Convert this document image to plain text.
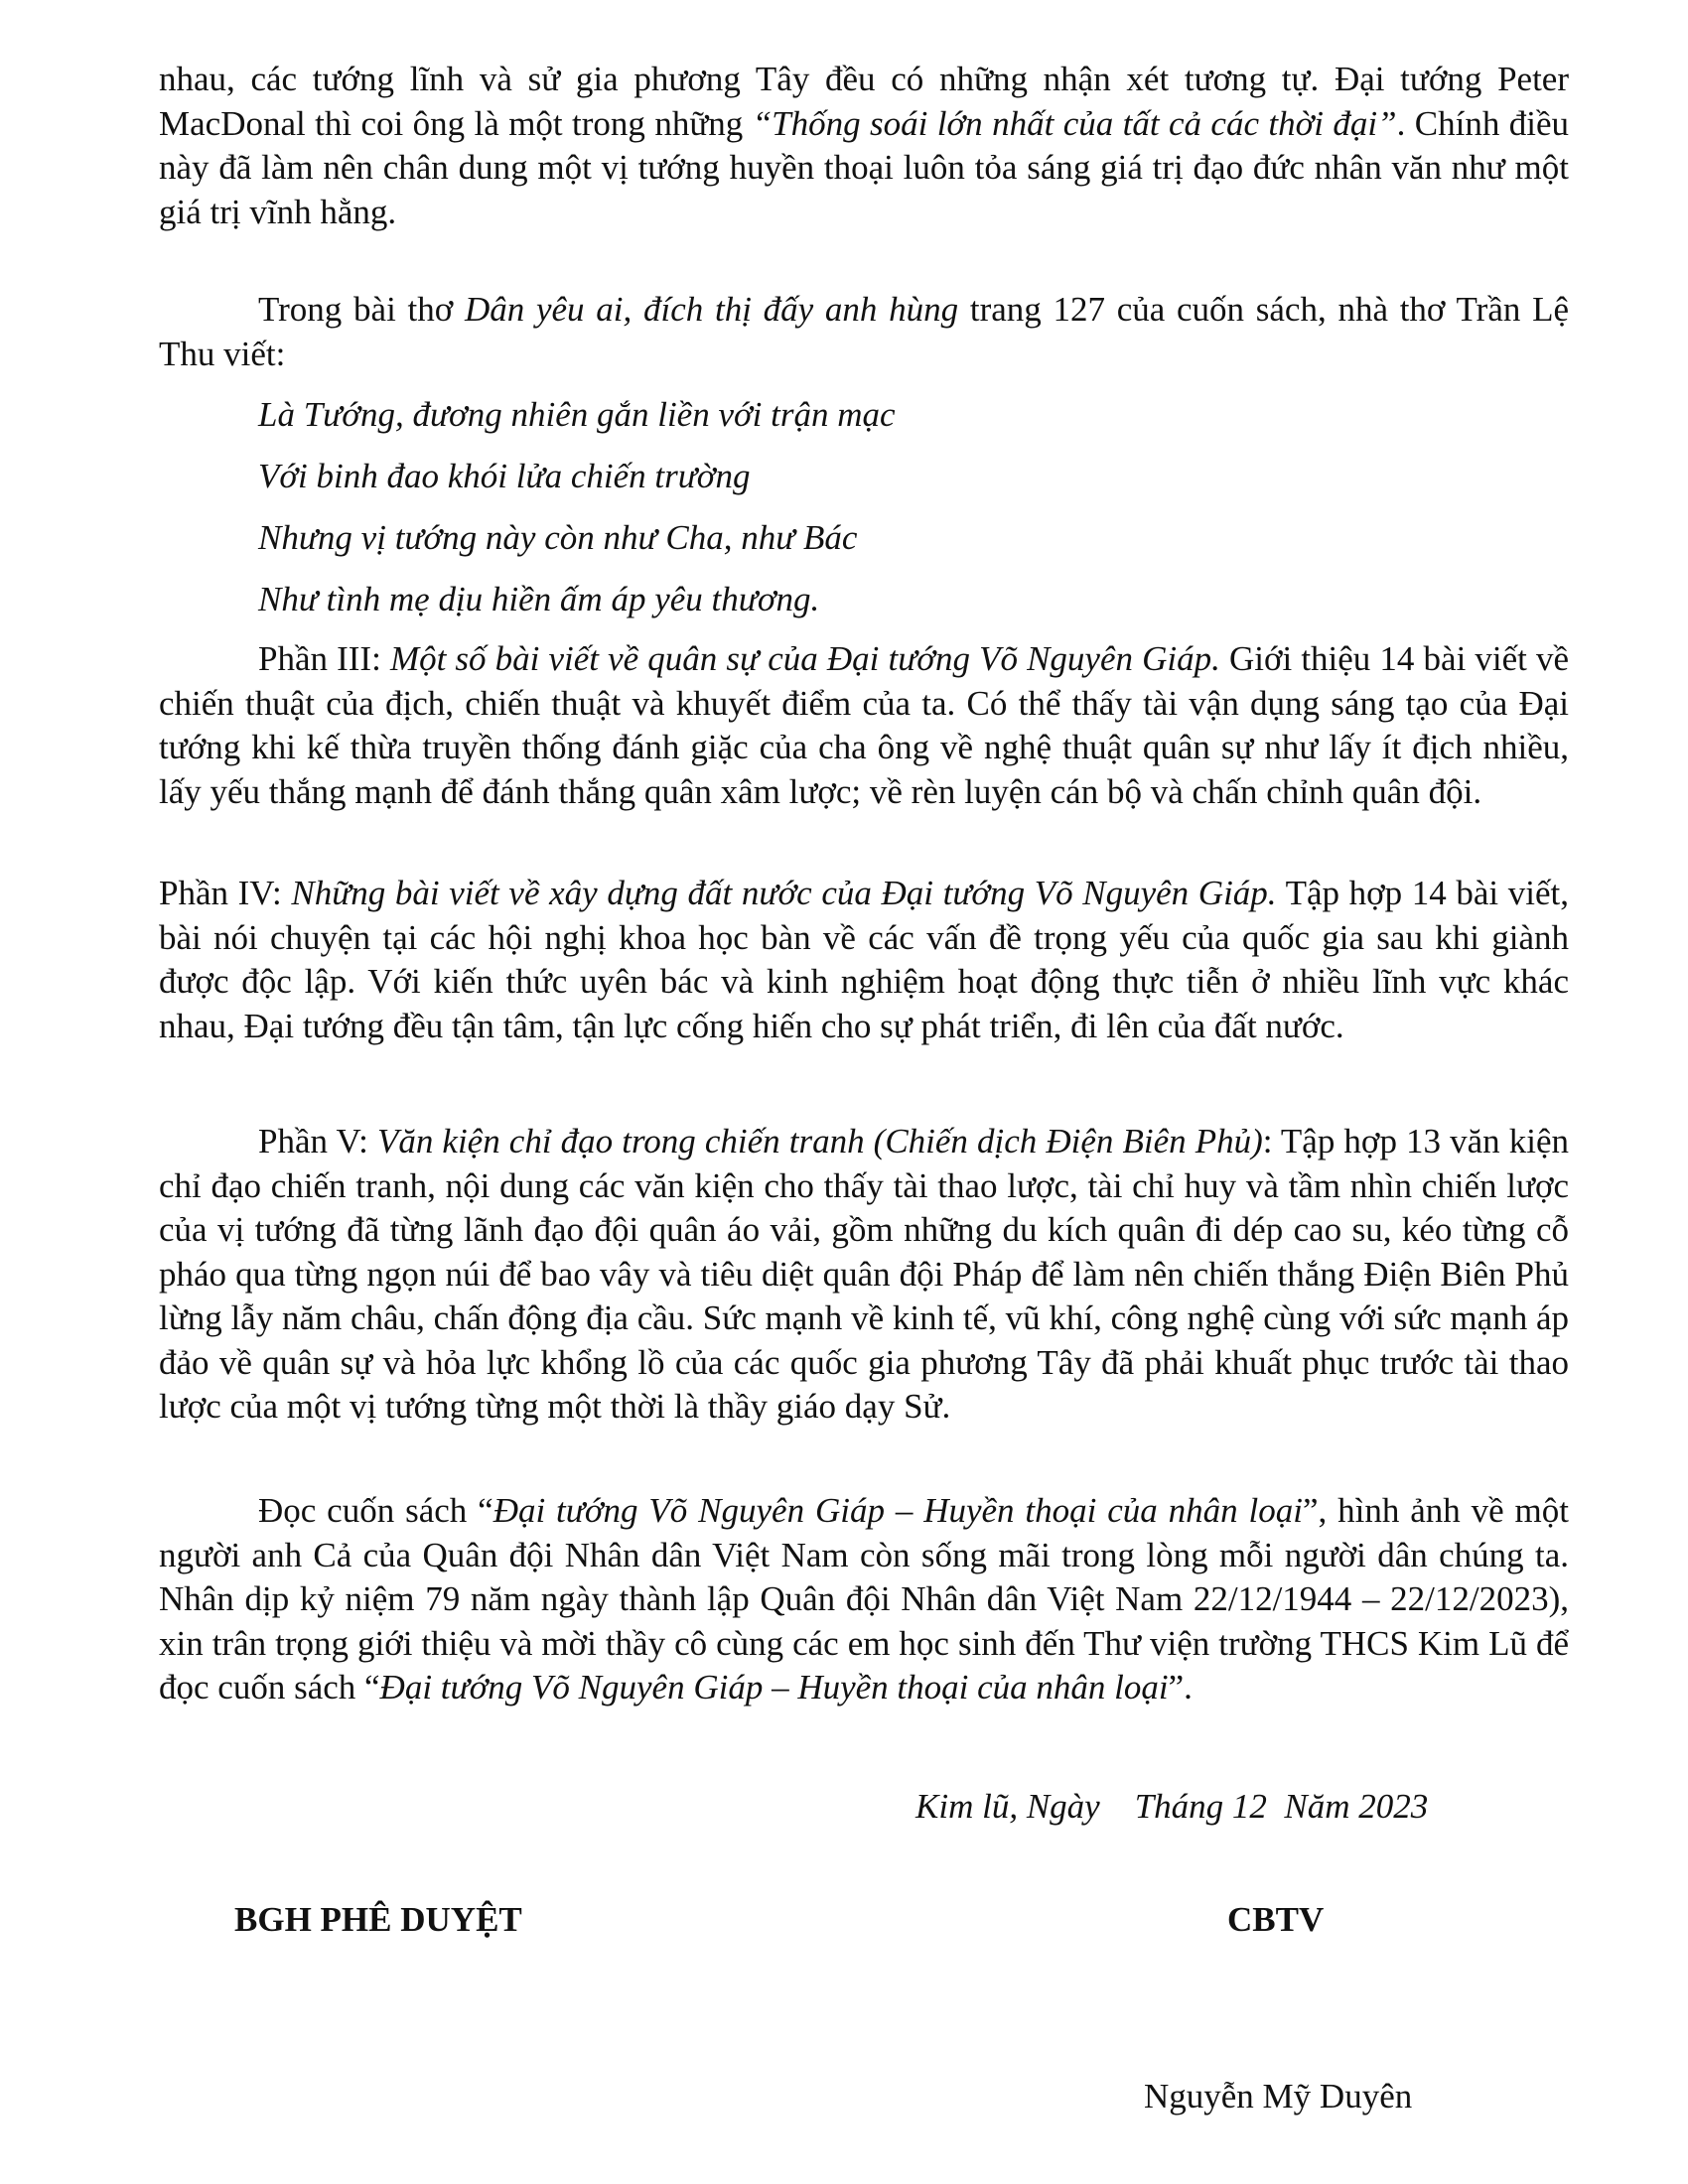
nhau, các tướng lĩnh và sử gia phương Tây đều có những nhận xét tương tự. Đại tướng Peter MacDonal thì coi ông là một trong những “Thống soái lớn nhất của tất cả các thời đại”. Chính điều này đã làm nên chân dung một vị tướng huyền thoại luôn tỏa sáng giá trị đạo đức nhân văn như một giá trị vĩnh hằng.

Trong bài thơ Dân yêu ai, đích thị đấy anh hùng trang 127 của cuốn sách, nhà thơ Trần Lệ Thu viết:

Là Tướng, đương nhiên gắn liền với trận mạc
Với binh đao khói lửa chiến trường
Nhưng vị tướng này còn như Cha, như Bác
Như tình mẹ dịu hiền ấm áp yêu thương.

Phần III: Một số bài viết về quân sự của Đại tướng Võ Nguyên Giáp. Giới thiệu 14 bài viết về chiến thuật của địch, chiến thuật và khuyết điểm của ta. Có thể thấy tài vận dụng sáng tạo của Đại tướng khi kế thừa truyền thống đánh giặc của cha ông về nghệ thuật quân sự như lấy ít địch nhiều, lấy yếu thắng mạnh để đánh thắng quân xâm lược; về rèn luyện cán bộ và chấn chỉnh quân đội.

Phần IV: Những bài viết về xây dựng đất nước của Đại tướng Võ Nguyên Giáp. Tập hợp 14 bài viết, bài nói chuyện tại các hội nghị khoa học bàn về các vấn đề trọng yếu của quốc gia sau khi giành được độc lập. Với kiến thức uyên bác và kinh nghiệm hoạt động thực tiễn ở nhiều lĩnh vực khác nhau, Đại tướng đều tận tâm, tận lực cống hiến cho sự phát triển, đi lên của đất nước.

Phần V: Văn kiện chỉ đạo trong chiến tranh (Chiến dịch Điện Biên Phủ): Tập hợp 13 văn kiện chỉ đạo chiến tranh, nội dung các văn kiện cho thấy tài thao lược, tài chỉ huy và tầm nhìn chiến lược của vị tướng đã từng lãnh đạo đội quân áo vải, gồm những du kích quân đi dép cao su, kéo từng cỗ pháo qua từng ngọn núi để bao vây và tiêu diệt quân đội Pháp để làm nên chiến thắng Điện Biên Phủ lừng lẫy năm châu, chấn động địa cầu. Sức mạnh về kinh tế, vũ khí, công nghệ cùng với sức mạnh áp đảo về quân sự và hỏa lực khổng lồ của các quốc gia phương Tây đã phải khuất phục trước tài thao lược của một vị tướng từng một thời là thầy giáo dạy Sử.

Đọc cuốn sách “Đại tướng Võ Nguyên Giáp – Huyền thoại của nhân loại”, hình ảnh về một người anh Cả của Quân đội Nhân dân Việt Nam còn sống mãi trong lòng mỗi người dân chúng ta. Nhân dịp kỷ niệm 79 năm ngày thành lập Quân đội Nhân dân Việt Nam 22/12/1944 – 22/12/2023), xin trân trọng giới thiệu và mời thầy cô cùng các em học sinh đến Thư viện trường THCS Kim Lũ để đọc cuốn sách “Đại tướng Võ Nguyên Giáp – Huyền thoại của nhân loại”.

Kim lũ, Ngày    Tháng 12  Năm 2023
BGH PHÊ DUYỆT	CBTV
Nguyễn Mỹ Duyên
